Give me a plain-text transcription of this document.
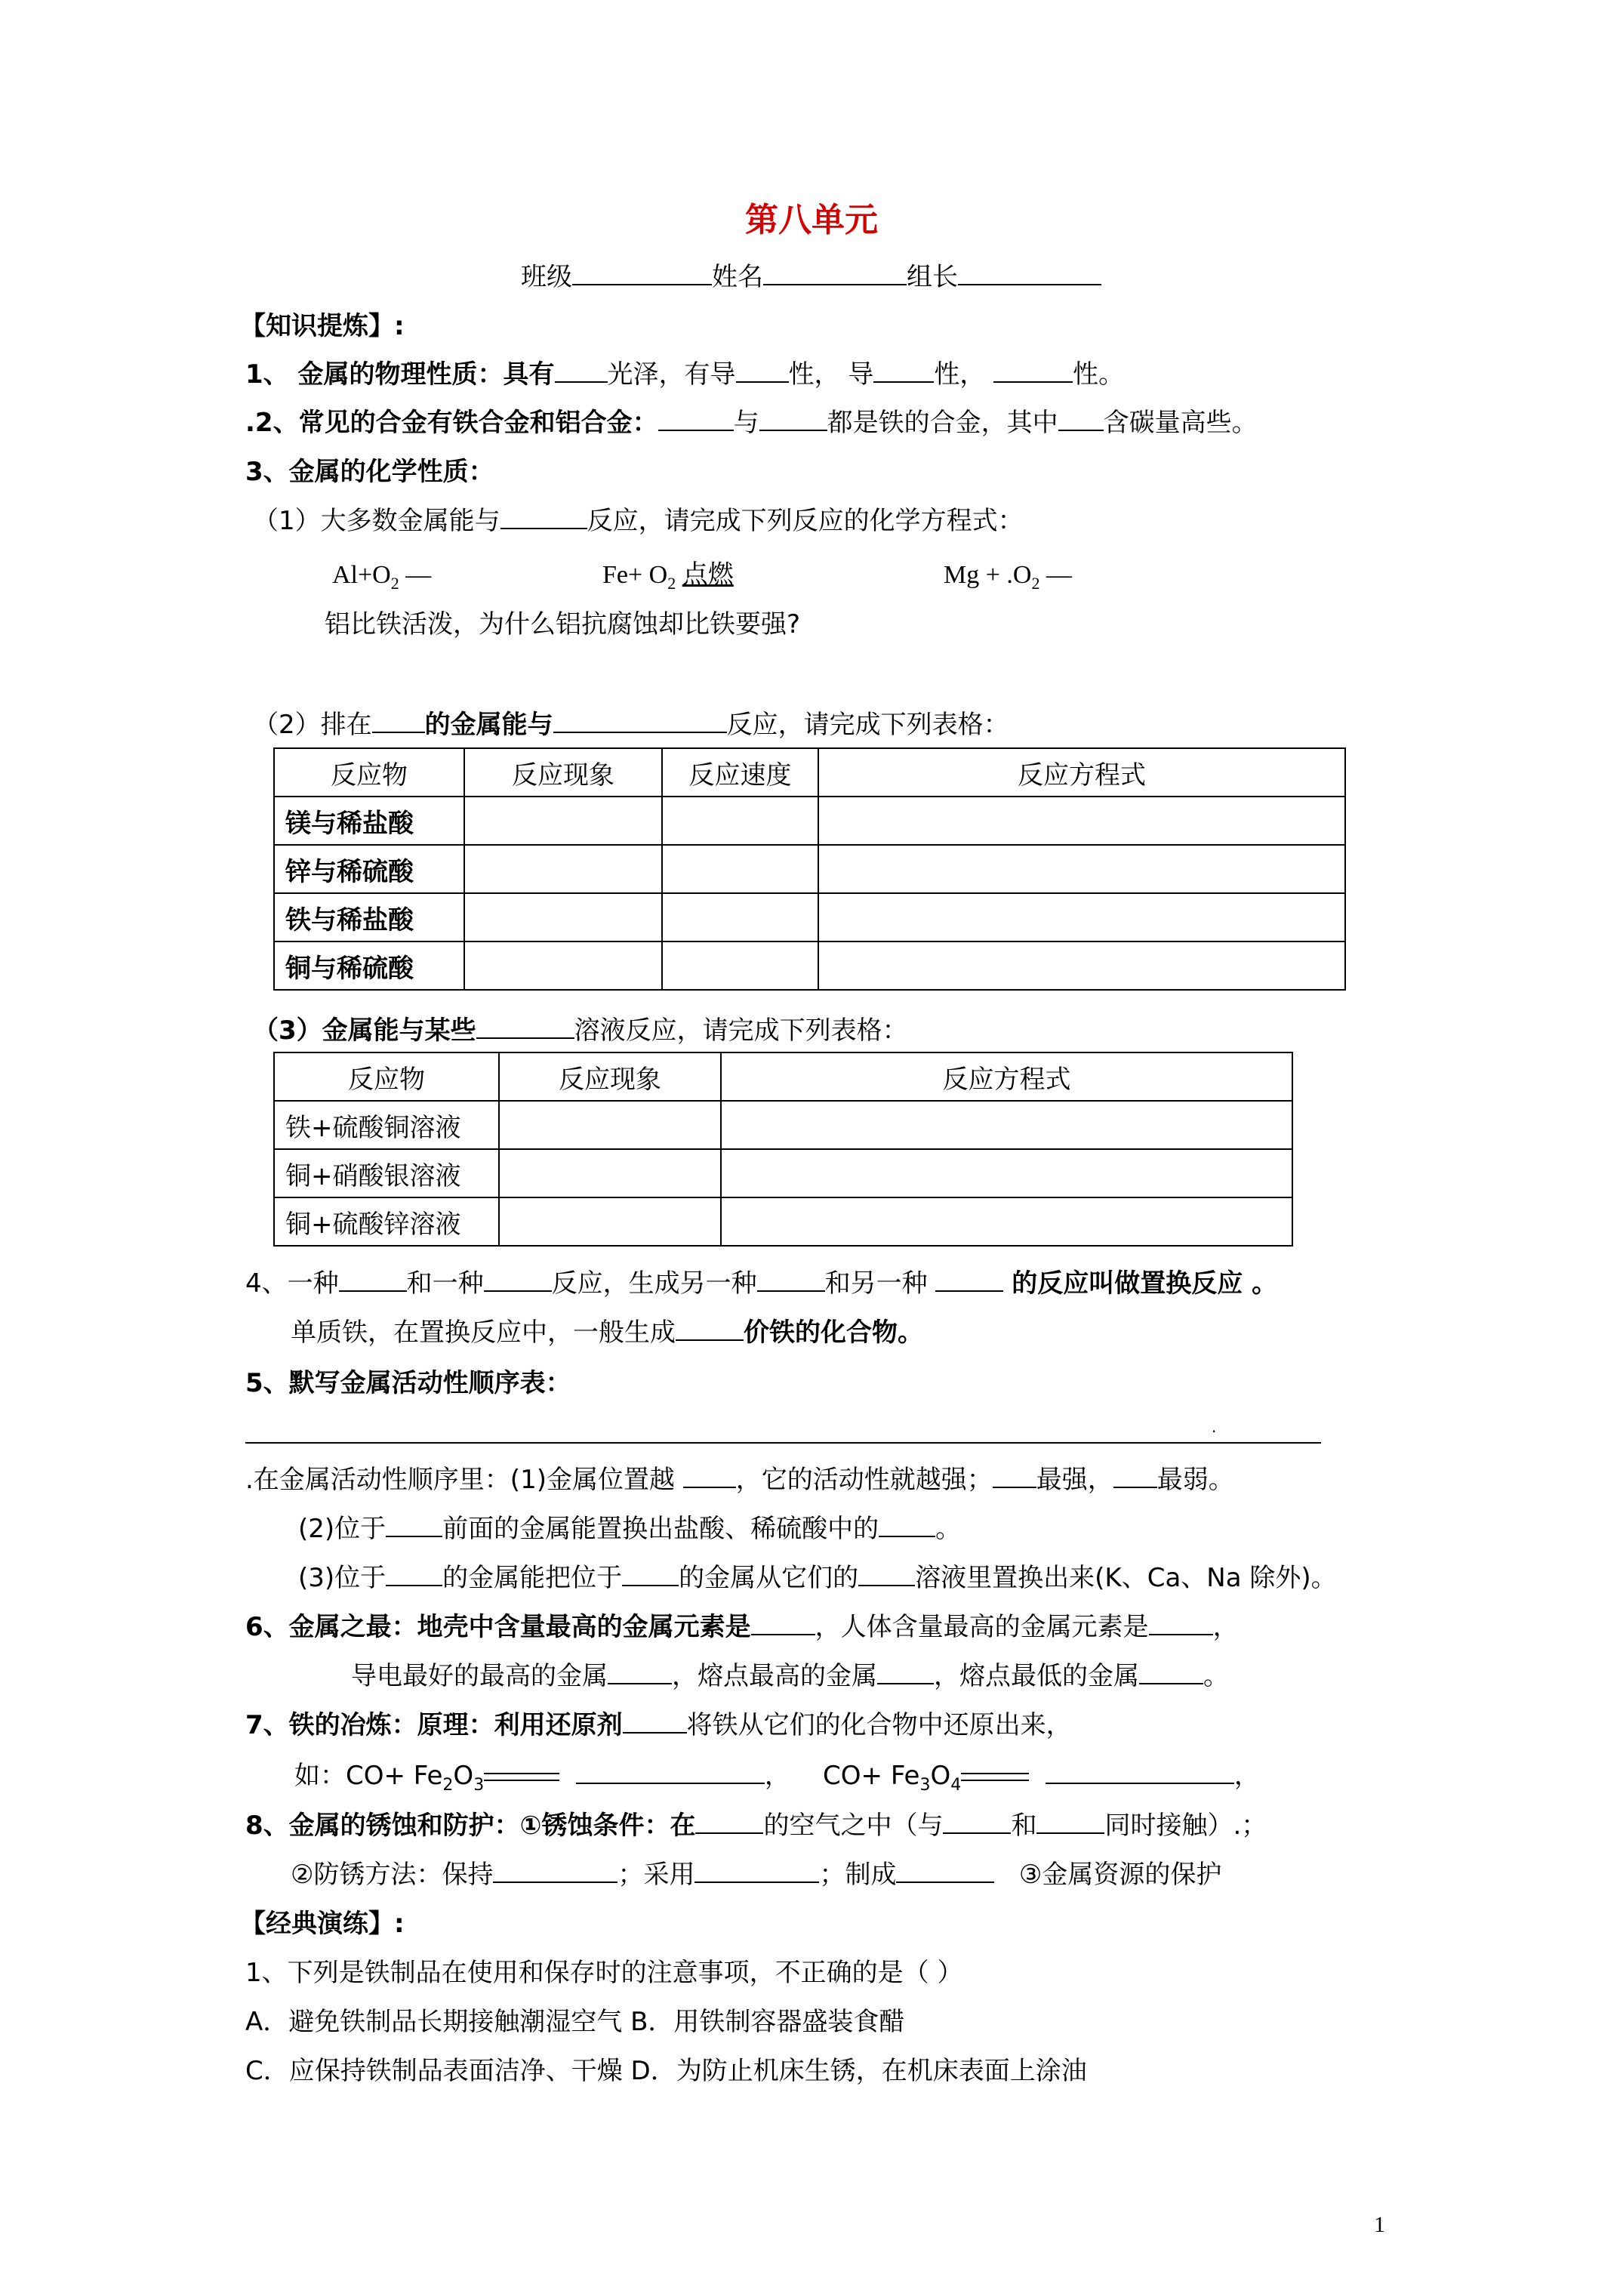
第八单元
班级	姓名	组长
【知识提炼】:
1、 金属的物理性质：具有 光泽，有导 性， 导 性，	性。
.2、常见的合金有铁合金和铝合金：	与	都是铁的合金，其中 含碳量高些。
3、金属的化学性质：
（1）大多数金属能与	反应，请完成下列反应的化学方程式：
$Al+O_2$ —	$Fe+ O_2$ 点燃	$Mg + .O_2$ —
铝比铁活泼，为什么铝抗腐蚀却比铁要强?
（2）排在 的金属能与	反应，请完成下列表格：
反应物	反应现象	反应速度	反应方程式
镁与稀盐酸			
锌与稀硫酸			
铁与稀盐酸			
铜与稀硫酸			
（3）金属能与某些	溶液反应，请完成下列表格：
反应物	反应现象	反应方程式
铁+硫酸铜溶液		
铜+硝酸银溶液		
铜+硫酸锌溶液		
4、一种	和一种	反应，生成另一种	和另一种	的反应叫做置换反应 。
单质铁，在置换反应中，一般生成	价铁的化合物。
5、默写金属活动性顺序表：
.
.在金属活动性顺序里：(1)金属位置越 ，它的活动性就越强； 最强， 最弱。
(2)位于 前面的金属能置换出盐酸、稀硫酸中的 。
(3)位于 的金属能把位于 的金属从它们的 溶液里置换出来(K、Ca、Na 除外)。
6、金属之最：地壳中含量最高的金属元素是	，人体含量最高的金属元素是	，
导电最好的最高的金属	，熔点最高的金属 ，熔点最低的金属	。
7、铁的冶炼：原理：利用还原剂	将铁从它们的化合物中还原出来，
如：$CO+ Fe_2O_3$	， $CO+ Fe_3O_4$	，
8、金属的锈蚀和防护：①锈蚀条件：在	的空气之中（与	和	同时接触）.；
②防锈方法：保持	；采用	；制成	③金属资源的保护
【经典演练】:
1、下列是铁制品在使用和保存时的注意事项，不正确的是（ ）
A．避免铁制品长期接触潮湿空气 B．用铁制容器盛装食醋
C．应保持铁制品表面洁净、干燥 D．为防止机床生锈，在机床表面上涂油
1
